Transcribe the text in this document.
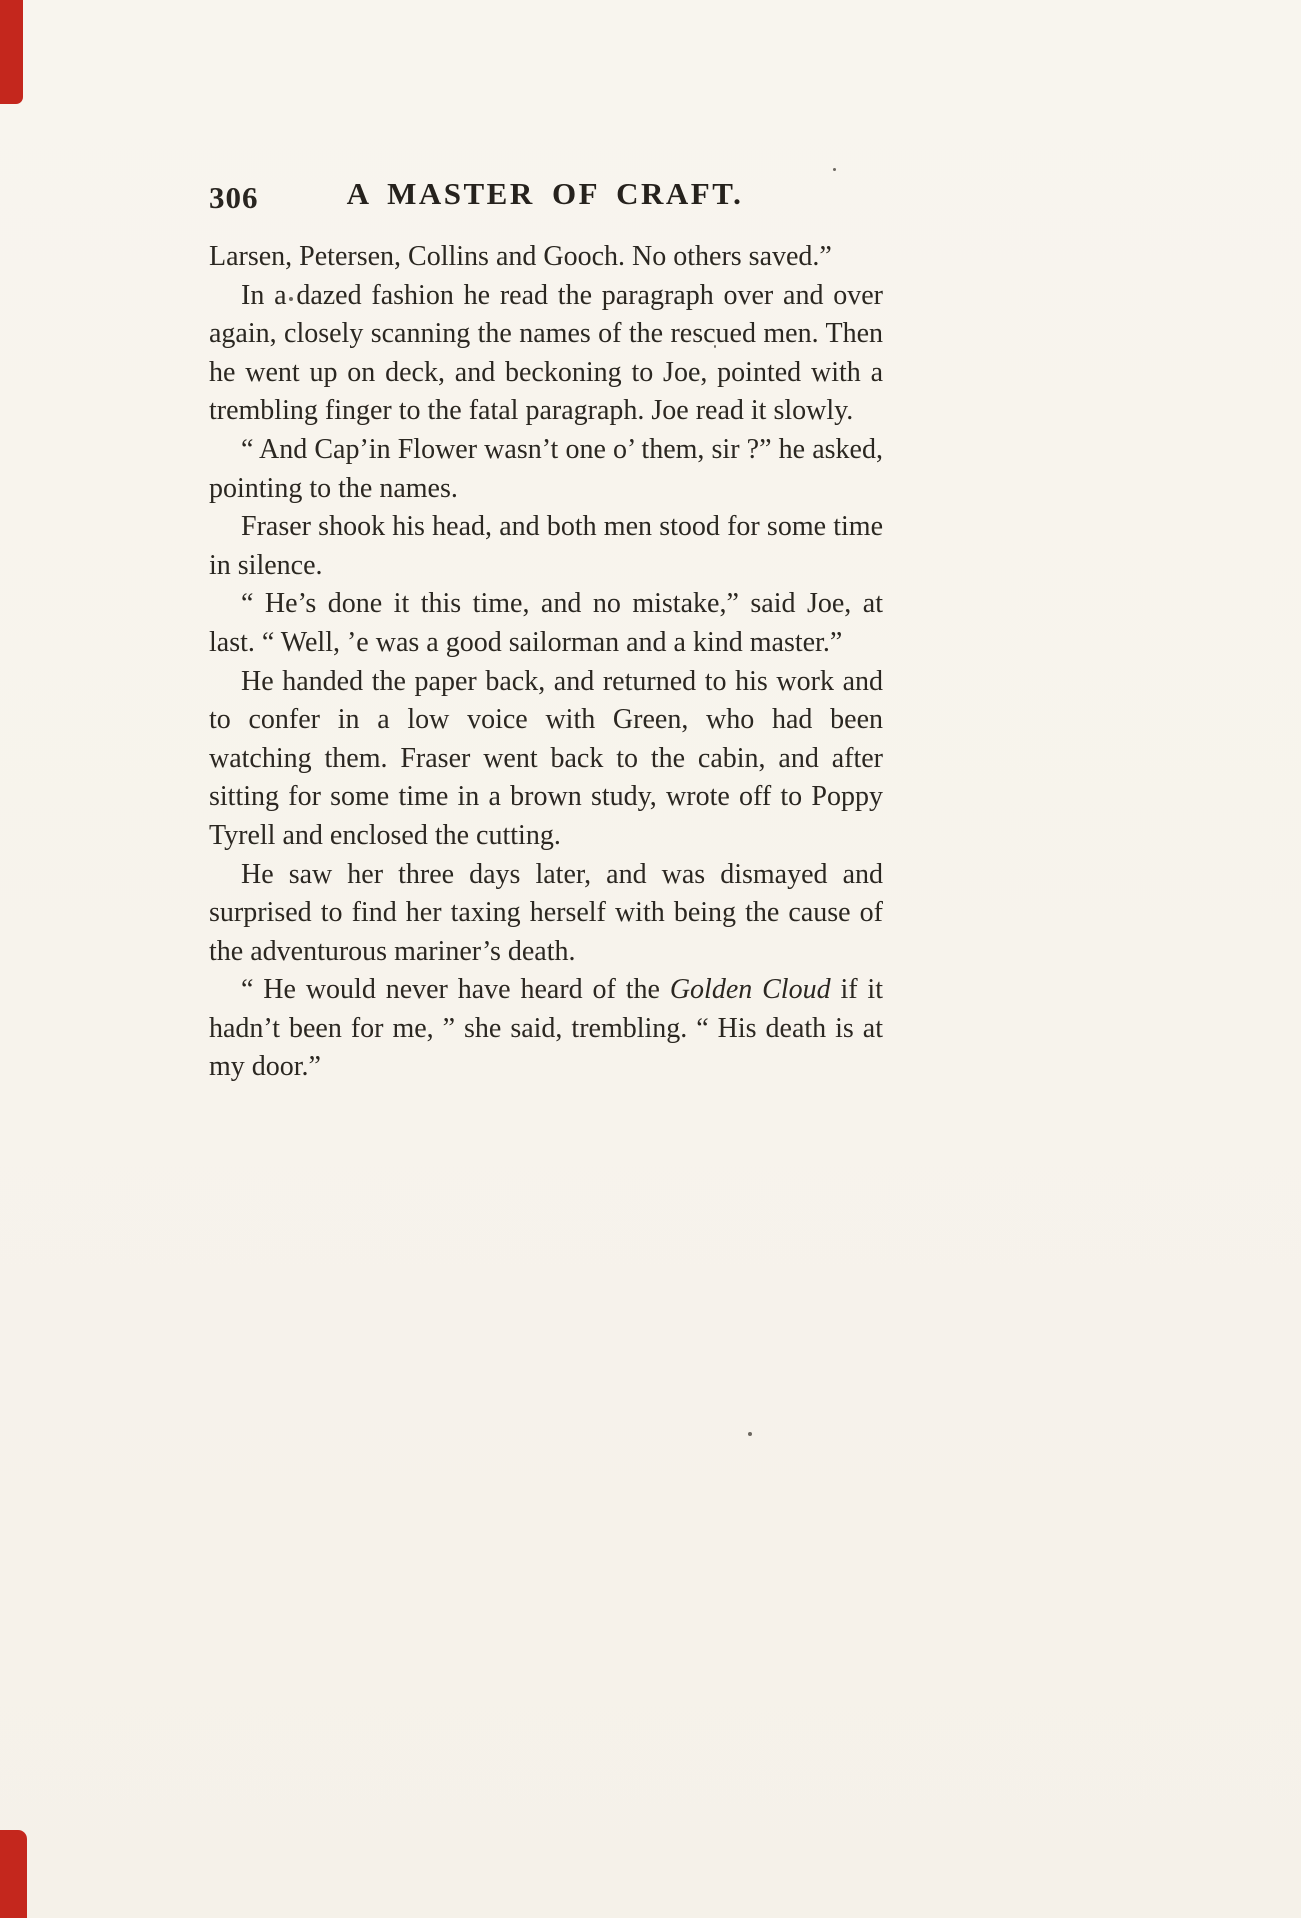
306	A MASTER OF CRAFT.

Larsen, Petersen, Collins and Gooch. No others saved.”

In a dazed fashion he read the paragraph over and over again, closely scanning the names of the rescued men. Then he went up on deck, and beckoning to Joe, pointed with a trembling finger to the fatal paragraph. Joe read it slowly.

“ And Cap’in Flower wasn’t one o’ them, sir ?” he asked, pointing to the names.

Fraser shook his head, and both men stood for some time in silence.

“ He’s done it this time, and no mistake,” said Joe, at last. “ Well, ’e was a good sailorman and a kind master.”

He handed the paper back, and returned to his work and to confer in a low voice with Green, who had been watching them. Fraser went back to the cabin, and after sitting for some time in a brown study, wrote off to Poppy Tyrell and enclosed the cutting.

He saw her three days later, and was dismayed and surprised to find her taxing herself with being the cause of the adventurous mariner’s death.

“ He would never have heard of the Golden Cloud if it hadn’t been for me, ” she said, trembling. “ His death is at my door.”
